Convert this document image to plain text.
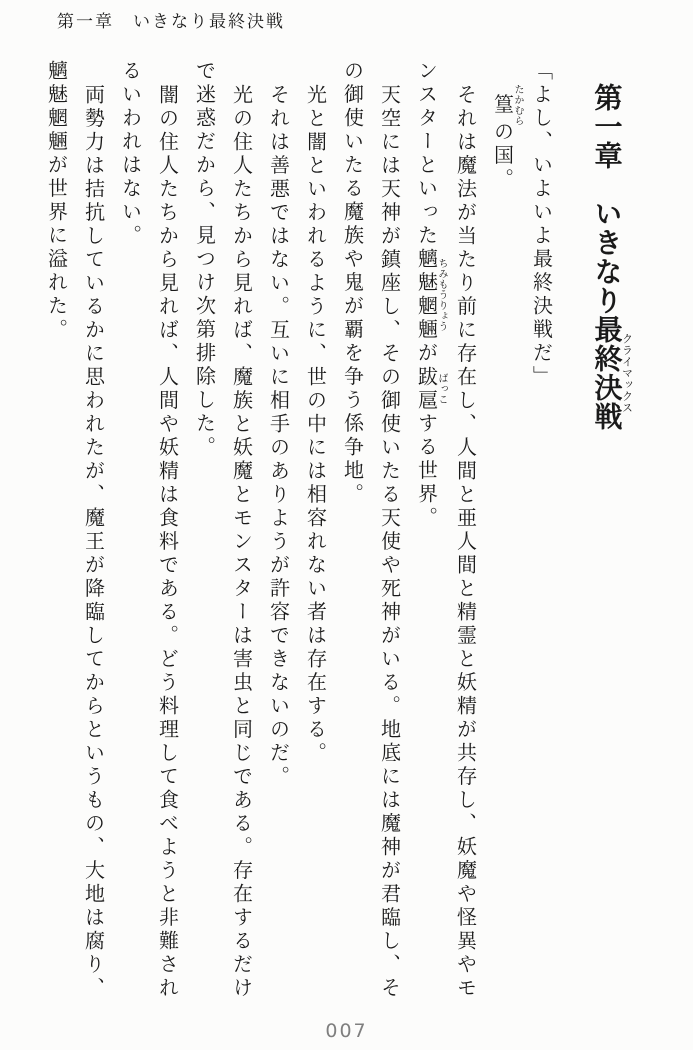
第一章　いきなり最終決戦
第一章　いきなり最終決戦クライマックス
「よし、いよいよ最終決戦だ」
篁たかむらの国。
それは魔法が当たり前に存在し、人間と亜人間と精霊と妖精が共存し、妖魔や怪異やモ
ンスターといった魑魅魍魎ちみもうりょうが跋扈ばっこする世界。
天空には天神が鎮座し、その御使いたる天使や死神がいる。地底には魔神が君臨し、そ
の御使いたる魔族や鬼が覇を争う係争地。
光と闇といわれるように、世の中には相容れない者は存在する。
それは善悪ではない。互いに相手のありようが許容できないのだ。
光の住人たちから見れば、魔族と妖魔とモンスターは害虫と同じである。存在するだけ
で迷惑だから、見つけ次第排除した。
闇の住人たちから見れば、人間や妖精は食料である。どう料理して食べようと非難され
るいわれはない。
両勢力は拮抗しているかに思われたが、魔王が降臨してからというもの、大地は腐り、
魑魅魍魎が世界に溢れた。
007
